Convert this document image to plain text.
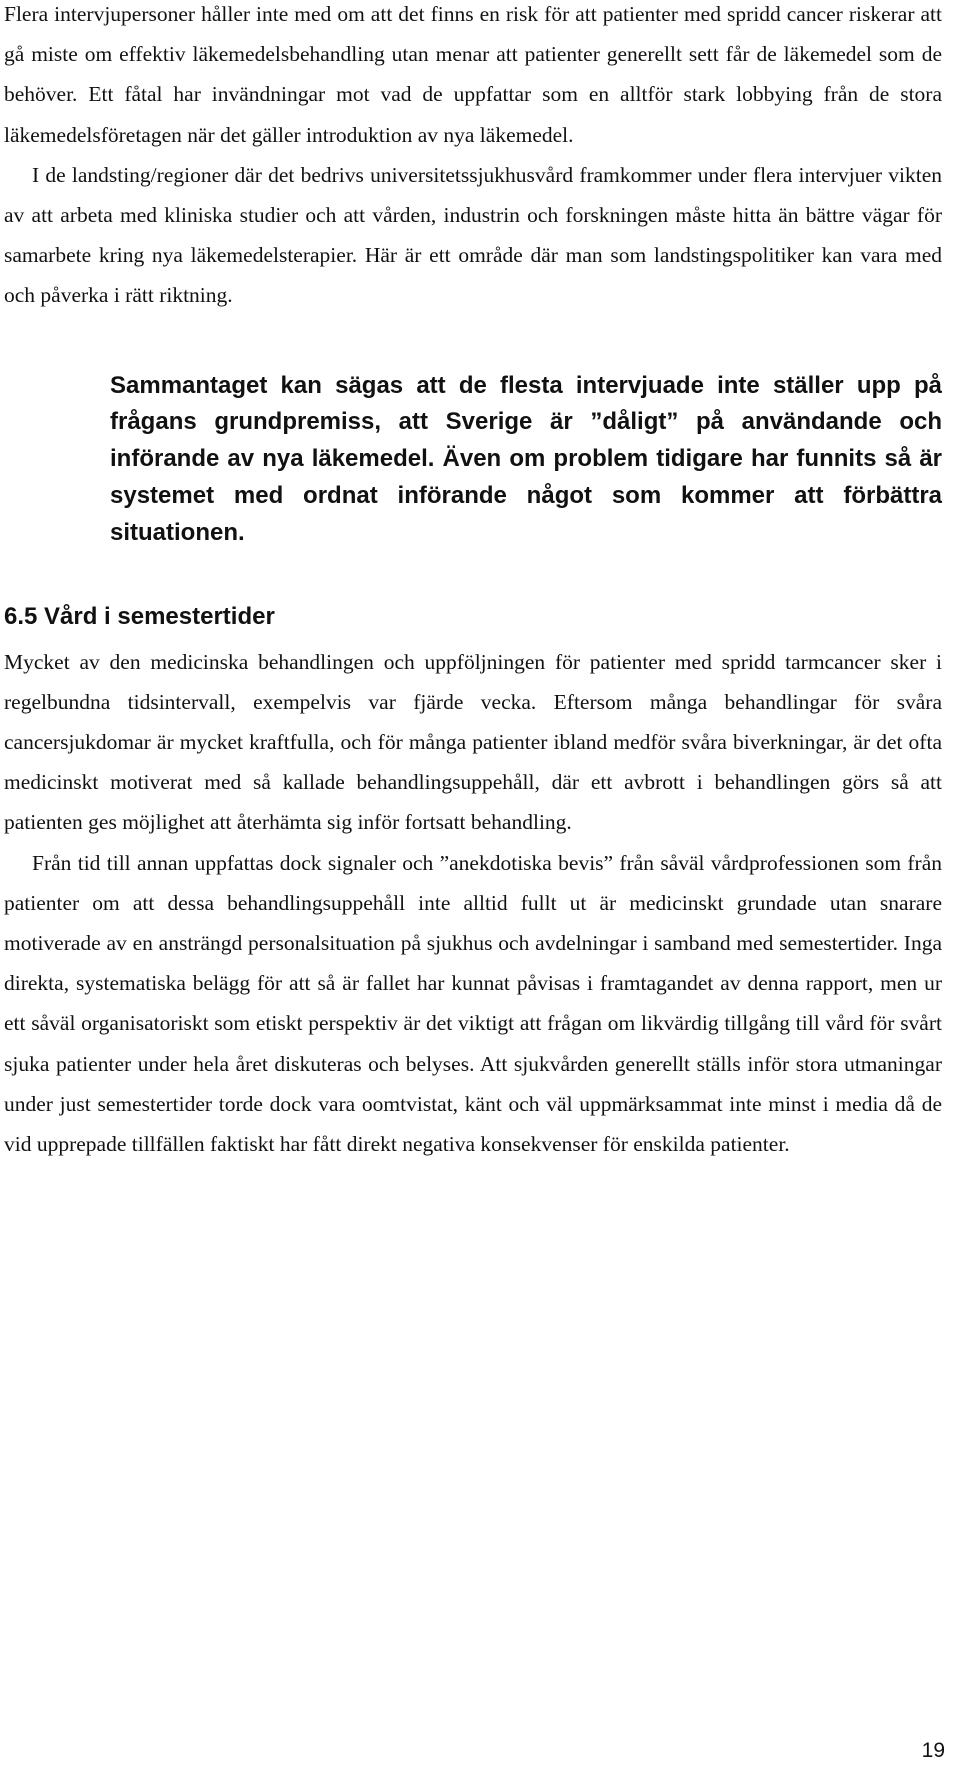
Flera intervjupersoner håller inte med om att det finns en risk för att patienter med spridd cancer riskerar att gå miste om effektiv läkemedelsbehandling utan menar att patienter generellt sett får de läkemedel som de behöver. Ett fåtal har invändningar mot vad de uppfattar som en alltför stark lobbying från de stora läkemedelsföretagen när det gäller introduktion av nya läkemedel.

I de landsting/regioner där det bedrivs universitetssjukhusvård framkommer under flera intervjuer vikten av att arbeta med kliniska studier och att vården, industrin och forskningen måste hitta än bättre vägar för samarbete kring nya läkemedelsterapier. Här är ett område där man som landstingspolitiker kan vara med och påverka i rätt riktning.

Sammantaget kan sägas att de flesta intervjuade inte ställer upp på frågans grundpremiss, att Sverige är ”dåligt” på användande och införande av nya läkemedel. Även om problem tidigare har funnits så är systemet med ordnat införande något som kommer att förbättra situationen.

6.5 Vård i semestertider

Mycket av den medicinska behandlingen och uppföljningen för patienter med spridd tarmcancer sker i regelbundna tidsintervall, exempelvis var fjärde vecka. Eftersom många behandlingar för svåra cancersjukdomar är mycket kraftfulla, och för många patienter ibland medför svåra biverkningar, är det ofta medicinskt motiverat med så kallade behandlingsuppehåll, där ett avbrott i behandlingen görs så att patienten ges möjlighet att återhämta sig inför fortsatt behandling.

Från tid till annan uppfattas dock signaler och ”anekdotiska bevis” från såväl vårdprofessionen som från patienter om att dessa behandlingsuppehåll inte alltid fullt ut är medicinskt grundade utan snarare motiverade av en ansträngd personalsituation på sjukhus och avdelningar i samband med semestertider. Inga direkta, systematiska belägg för att så är fallet har kunnat påvisas i framtagandet av denna rapport, men ur ett såväl organisatoriskt som etiskt perspektiv är det viktigt att frågan om likvärdig tillgång till vård för svårt sjuka patienter under hela året diskuteras och belyses. Att sjukvården generellt ställs inför stora utmaningar under just semestertider torde dock vara oomtvistat, känt och väl uppmärksammat inte minst i media då de vid upprepade tillfällen faktiskt har fått direkt negativa konsekvenser för enskilda patienter.

19
